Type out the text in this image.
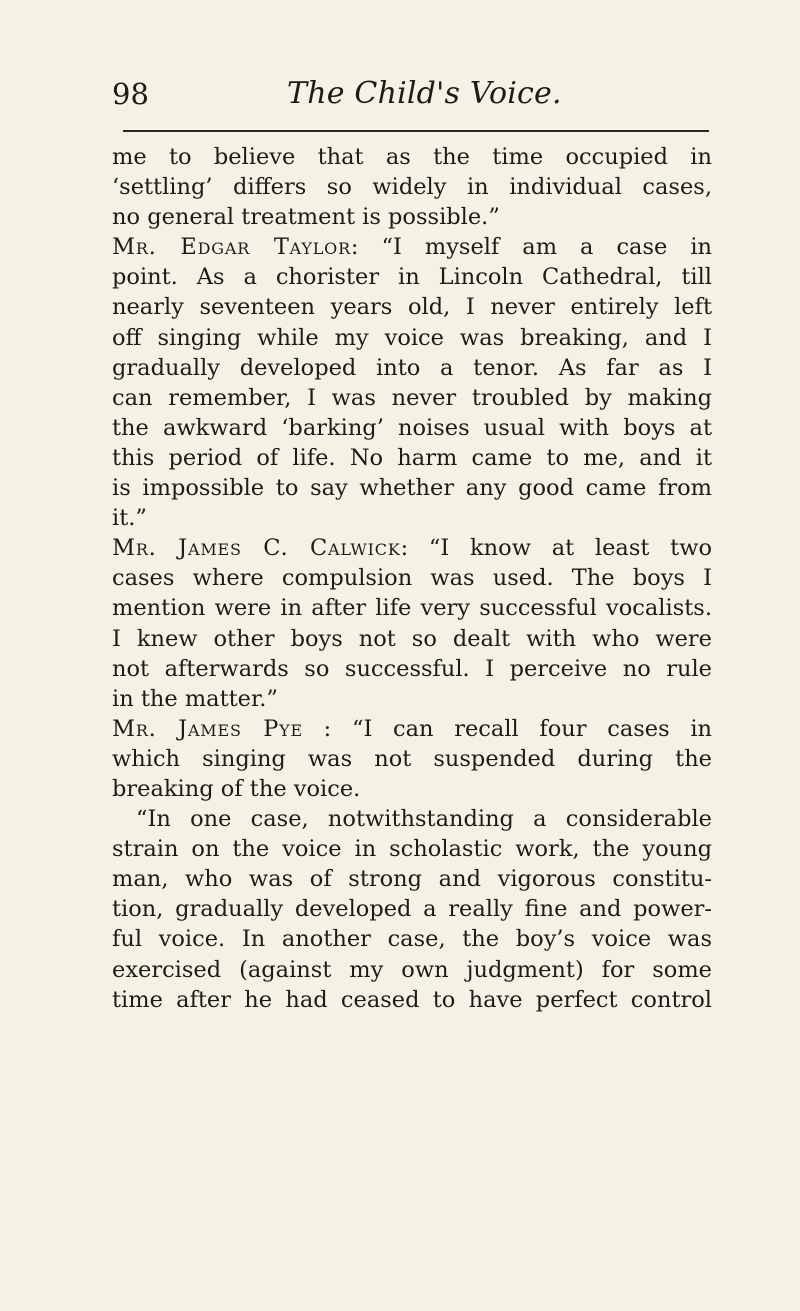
98	The Child's Voice.
me to believe that as the time occupied in
‘settling’ differs so widely in individual cases,
no general treatment is possible.”
Mr. Edgar Taylor: “I myself am a case in
point. As a chorister in Lincoln Cathedral, till
nearly seventeen years old, I never entirely left
off singing while my voice was breaking, and I
gradually developed into a tenor. As far as I
can remember, I was never troubled by making
the awkward ‘barking’ noises usual with boys at
this period of life. No harm came to me, and it
is impossible to say whether any good came from
it.”
Mr. James C. Calwick: “I know at least two
cases where compulsion was used. The boys I
mention were in after life very successful vocalists.
I knew other boys not so dealt with who were
not afterwards so successful. I perceive no rule
in the matter.”
Mr. James Pye : “I can recall four cases in
which singing was not suspended during the
breaking of the voice.
“In one case, notwithstanding a considerable
strain on the voice in scholastic work, the young
man, who was of strong and vigorous constitu-
tion, gradually developed a really fine and power-
ful voice. In another case, the boy’s voice was
exercised (against my own judgment) for some
time after he had ceased to have perfect control
